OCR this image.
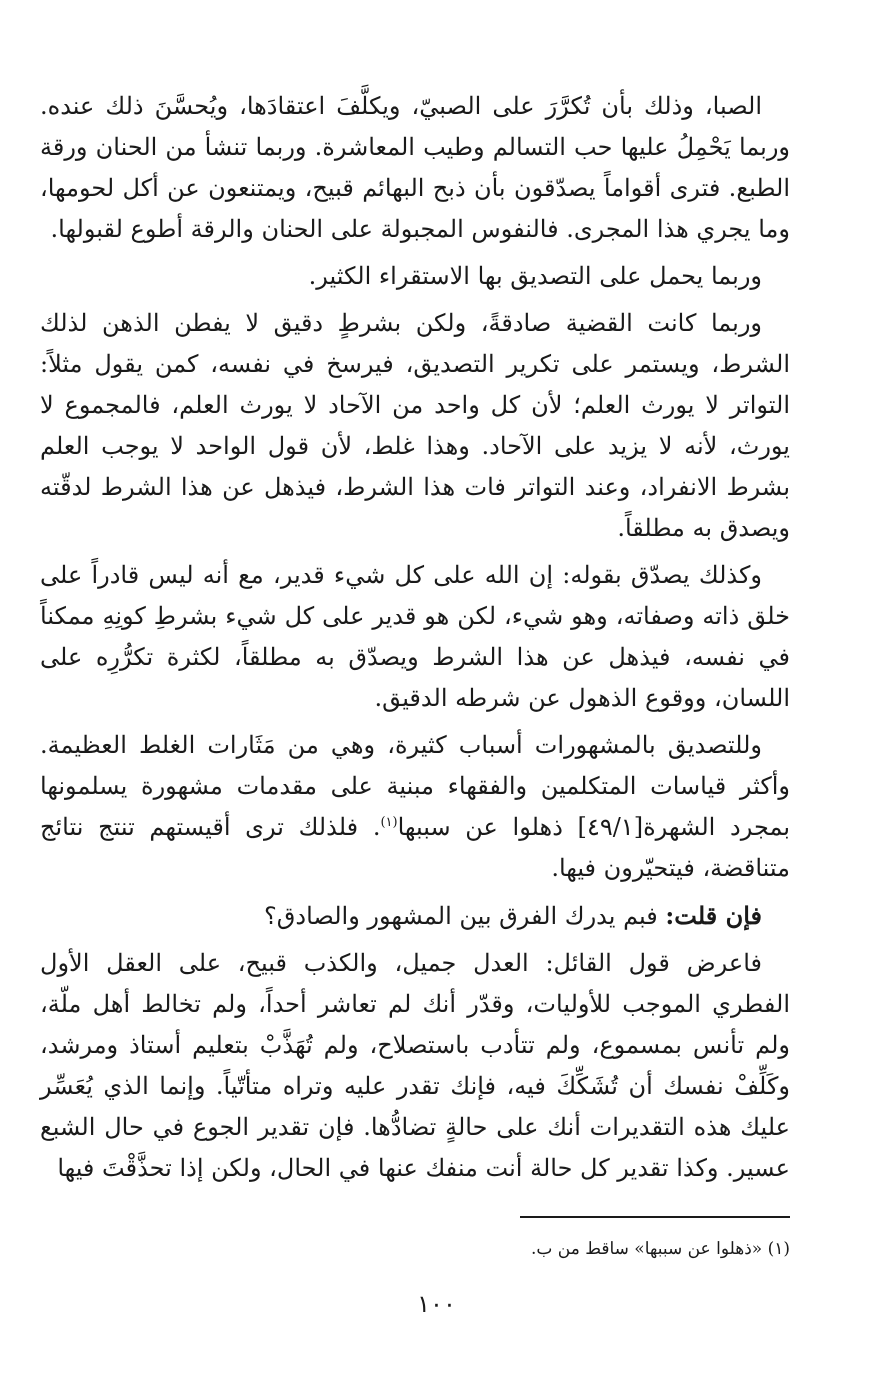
الصبا، وذلك بأن تُكرَّرَ على الصبيّ، ويكلَّفَ اعتقادَها، ويُحسَّنَ ذلك عنده. وربما يَحْمِلُ عليها حب التسالم وطيب المعاشرة. وربما تنشأ من الحنان ورقة الطبع. فترى أقواماً يصدّقون بأن ذبح البهائم قبيح، ويمتنعون عن أكل لحومها، وما يجري هذا المجرى. فالنفوس المجبولة على الحنان والرقة أطوع لقبولها.

وربما يحمل على التصديق بها الاستقراء الكثير.

وربما كانت القضية صادقةً، ولكن بشرطٍ دقيق لا يفطن الذهن لذلك الشرط، ويستمر على تكرير التصديق، فيرسخ في نفسه، كمن يقول مثلاً: التواتر لا يورث العلم؛ لأن كل واحد من الآحاد لا يورث العلم، فالمجموع لا يورث، لأنه لا يزيد على الآحاد. وهذا غلط، لأن قول الواحد لا يوجب العلم بشرط الانفراد، وعند التواتر فات هذا الشرط، فيذهل عن هذا الشرط لدقّته ويصدق به مطلقاً.

وكذلك يصدّق بقوله: إن الله على كل شيء قدير، مع أنه ليس قادراً على خلق ذاته وصفاته، وهو شيء، لكن هو قدير على كل شيء بشرطِ كونِهِ ممكناً في نفسه، فيذهل عن هذا الشرط ويصدّق به مطلقاً، لكثرة تكرُّرِه على اللسان، ووقوع الذهول عن شرطه الدقيق.

وللتصديق بالمشهورات أسباب كثيرة، وهي من مَثَارات الغلط العظيمة. وأكثر قياسات المتكلمين والفقهاء مبنية على مقدمات مشهورة يسلمونها بمجرد الشهرة[٤٩/١] ذهلوا عن سببها$^{(١)}$. فلذلك ترى أقيستهم تنتج نتائج متناقضة، فيتحيّرون فيها.

فإن قلت: فبم يدرك الفرق بين المشهور والصادق؟

فاعرض قول القائل: العدل جميل، والكذب قبيح، على العقل الأول الفطري الموجب للأوليات، وقدّر أنك لم تعاشر أحداً، ولم تخالط أهل ملّة، ولم تأنس بمسموع، ولم تتأدب باستصلاح، ولم تُهَذَّبْ بتعليم أستاذ ومرشد، وكَلِّفْ نفسك أن تُشَكِّكَ فيه، فإنك تقدر عليه وتراه متأتّياً. وإنما الذي يُعَسِّر عليك هذه التقديرات أنك على حالةٍ تضادُّها. فإن تقدير الجوع في حال الشبع عسير. وكذا تقدير كل حالة أنت منفك عنها في الحال، ولكن إذا تحذَّقْتَ فيها

(١) «ذهلوا عن سببها» ساقط من ب.
١٠٠
